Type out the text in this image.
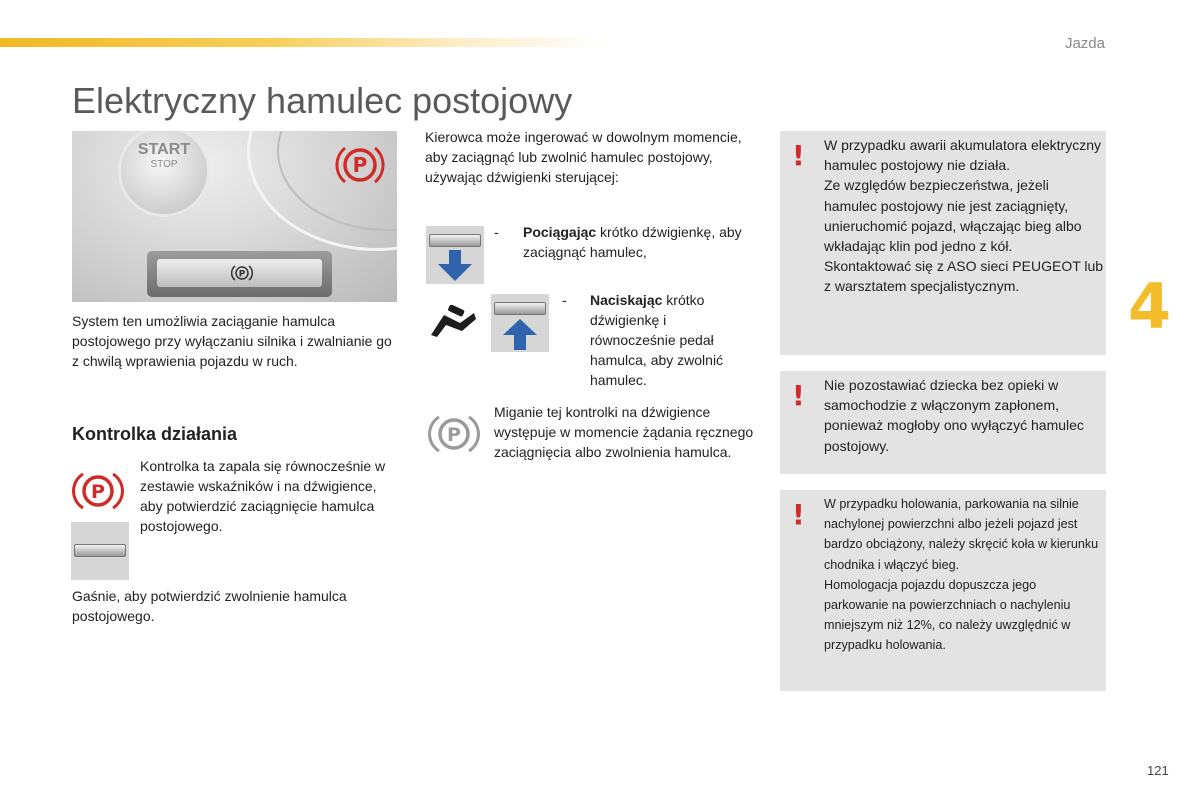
Jazda
4
Elektryczny hamulec postojowy
START
STOP	P
P
System ten umożliwia zaciąganie hamulca postojowego przy wyłączaniu silnika i zwalnianie go z chwilą wprawienia pojazdu w ruch.
Kontrolka działania
P
Kontrolka ta zapala się równocześnie w zestawie wskaźników i na dźwigience, aby potwierdzić zaciągnięcie hamulca postojowego.
Gaśnie, aby potwierdzić zwolnienie hamulca postojowego.
Kierowca może ingerować w dowolnym momencie, aby zaciągnąć lub zwolnić hamulec postojowy, używając dźwigienki sterującej:
-	Pociągając krótko dźwigienkę, aby zaciągnąć hamulec,
-	Naciskając krótko dźwigienkę i równocześnie pedał hamulca, aby zwolnić hamulec.
P
Miganie tej kontrolki na dźwigience występuje w momencie żądania ręcznego zaciągnięcia albo zwolnienia hamulca.
! W przypadku awarii akumulatora elektryczny hamulec postojowy nie działa.

Ze względów bezpieczeństwa, jeżeli hamulec postojowy nie jest zaciągnięty, unieruchomić pojazd, włączając bieg albo wkładając klin pod jedno z kół.

Skontaktować się z ASO sieci PEUGEOT lub z warsztatem specjalistycznym.

! Nie pozostawiać dziecka bez opieki w samochodzie z włączonym zapłonem, ponieważ mogłoby ono wyłączyć hamulec postojowy.

! W przypadku holowania, parkowania na silnie nachylonej powierzchni albo jeżeli pojazd jest bardzo obciążony, należy skręcić koła w kierunku chodnika i włączyć bieg.

Homologacja pojazdu dopuszcza jego parkowanie na powierzchniach o nachyleniu mniejszym niż 12%, co należy uwzględnić w przypadku holowania.

121
